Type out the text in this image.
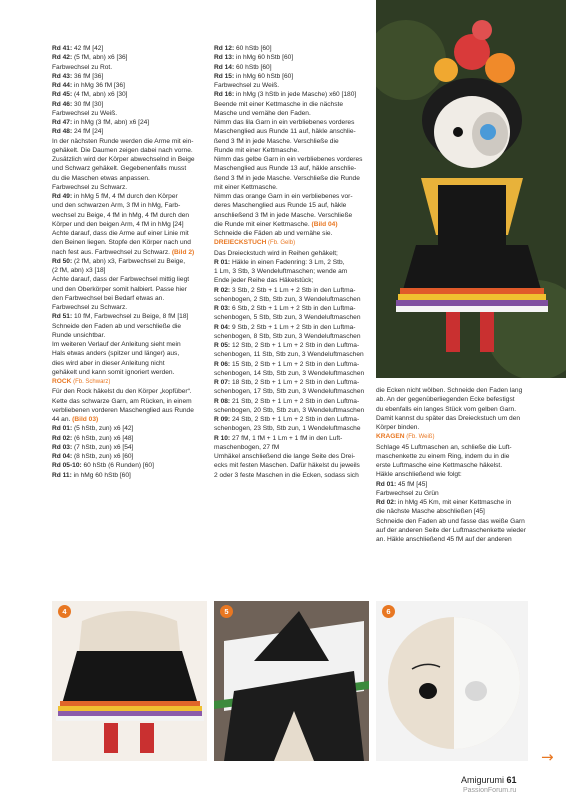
Rd 41: 42 fM [42]
Rd 42: (5 fM, abn) x6 [36]
Farbwechsel zu Rot.
Rd 43: 36 fM [36]
Rd 44: in hMg 36 fM [36]
Rd 45: (4 fM, abn) x6 [30]
Rd 46: 30 fM [30]
Farbwechsel zu Weiß.
Rd 47: in hMg (3 fM, abn) x6 [24]
Rd 48: 24 fM [24]
In der nächsten Runde werden die Arme mit ein-
gehäkelt. Die Daumen zeigen dabei nach vorne.
Zusätzlich wird der Körper abwechselnd in Beige
und Schwarz gehäkelt. Gegebenenfalls musst
du die Maschen etwas anpassen.
Farbwechsel zu Schwarz.
Rd 49: in hMg 5 fM, 4 fM durch den Körper
und den schwarzen Arm, 3 fM in hMg, Farb-
wechsel zu Beige, 4 fM in hMg, 4 fM durch den
Körper und den beigen Arm, 4 fM in hMg [24]
Achte darauf, dass die Arme auf einer Linie mit
den Beinen liegen. Stopfe den Körper nach und
nach fest aus. Farbwechsel zu Schwarz. (Bild 2)
Rd 50: (2 fM, abn) x3, Farbwechsel zu Beige,
(2 fM, abn) x3 [18]
Achte darauf, dass der Farbwechsel mittig liegt
und den Oberkörper somit halbiert. Passe hier
den Farbwechsel bei Bedarf etwas an.
Farbwechsel zu Schwarz.
Rd 51: 10 fM, Farbwechsel zu Beige, 8 fM [18]
Schneide den Faden ab und verschließe die
Runde unsichtbar.
Im weiteren Verlauf der Anleitung sieht mein
Hals etwas anders (spitzer und länger) aus,
dies wird aber in dieser Anleitung nicht
gehäkelt und kann somit ignoriert werden.
ROCK (Fb. Schwarz)
Für den Rock häkelst du den Körper „kopfüber“.
Kette das schwarze Garn, am Rücken, in einem
verbliebenen vorderen Maschenglied aus Runde
44 an. (Bild 03)
Rd 01: (5 hStb, zun) x6 [42]
Rd 02: (6 hStb, zun) x6 [48]
Rd 03: (7 hStb, zun) x6 [54]
Rd 04: (8 hStb, zun) x6 [60]
Rd 05-10: 60 hStb (6 Runden) [60]
Rd 11: in hMg 60 hStb [60]
Rd 12: 60 hStb [60]
Rd 13: in hMg 60 hStb [60]
Rd 14: 60 hStb [60]
Rd 15: in hMg 60 hStb [60]
Farbwechsel zu Weiß.
Rd 16: in hMg (3 hStb in jede Masche) x60 [180]
Beende mit einer Kettmasche in die nächste
Masche und vernähe den Faden.
Nimm das lila Garn in ein verbliebenes vorderes
Maschenglied aus Runde 11 auf, häkle anschlie-
ßend 3 fM in jede Masche. Verschließe die
Runde mit einer Kettmasche.
Nimm das gelbe Garn in ein verbliebenes vorderes
Maschenglied aus Runde 13 auf, häkle anschlie-
ßend 3 fM in jede Masche. Verschließe die Runde
mit einer Kettmasche.
Nimm das orange Garn in ein verbliebenes vor-
deres Maschenglied aus Runde 15 auf, häkle
anschließend 3 fM in jede Masche. Verschließe
die Runde mit einer Kettmasche. (Bild 04)
Schneide die Fäden ab und vernähe sie.
DREIECKSTUCH (Fb. Gelb)
Das Dreieckstuch wird in Reihen gehäkelt;
R 01: Häkle in einen Fadenring: 3 Lm, 2 Stb,
1 Lm, 3 Stb, 3 Wendeluftmaschen; wende am
Ende jeder Reihe das Häkelstück;
R 02: 3 Stb, 2 Stb + 1 Lm + 2 Stb in den Luftma-
schenbogen, 2 Stb, Stb zun, 3 Wendeluftmaschen
R 03: 6 Stb, 2 Stb + 1 Lm + 2 Stb in den Luftma-
schenbogen, 5 Stb, Stb zun, 3 Wendeluftmaschen
R 04: 9 Stb, 2 Stb + 1 Lm + 2 Stb in den Luftma-
schenbogen, 8 Stb, Stb zun, 3 Wendeluftmaschen
R 05: 12 Stb, 2 Stb + 1 Lm + 2 Stb in den Luftma-
schenbogen, 11 Stb, Stb zun, 3 Wendeluftmaschen
R 06: 15 Stb, 2 Stb + 1 Lm + 2 Stb in den Luftma-
schenbogen, 14 Stb, Stb zun, 3 Wendeluftmaschen
R 07: 18 Stb, 2 Stb + 1 Lm + 2 Stb in den Luftma-
schenbogen, 17 Stb, Stb zun, 3 Wendeluftmaschen
R 08: 21 Stb, 2 Stb + 1 Lm + 2 Stb in den Luftma-
schenbogen, 20 Stb, Stb zun, 3 Wendeluftmaschen
R 09: 24 Stb, 2 Stb + 1 Lm + 2 Stb in den Luftma-
schenbogen, 23 Stb, Stb zun, 1 Wendeluftmasche
R 10: 27 fM, 1 fM + 1 Lm + 1 fM in den Luft-
maschenbogen, 27 fM
Umhäkel anschließend die lange Seite des Drei-
ecks mit festen Maschen. Dafür häkelst du jeweils
2 oder 3 feste Maschen in die Ecken, sodass sich
die Ecken nicht wölben. Schneide den Faden lang
ab. An der gegenüberliegenden Ecke befestigst
du ebenfalls ein langes Stück vom gelben Garn.
Damit kannst du später das Dreieckstuch um den
Körper binden.
KRAGEN (Fb. Weiß)
Schlage 45 Luftmaschen an, schließe die Luft-
maschenkette zu einem Ring, indem du in die
erste Luftmasche eine Kettmasche häkelst.
Häkle anschließend wie folgt:
Rd 01: 45 fM [45]
Farbwechsel zu Grün
Rd 02: in hMg 45 Km, mit einer Kettmasche in
die nächste Masche abschließen [45]
Schneide den Faden ab und fasse das weiße Garn
auf der anderen Seite der Luftmaschenkette wieder
an. Häkle anschließend 45 fM auf der anderen
4	5	6
→
Amigurumi 61
PassionForum.ru
